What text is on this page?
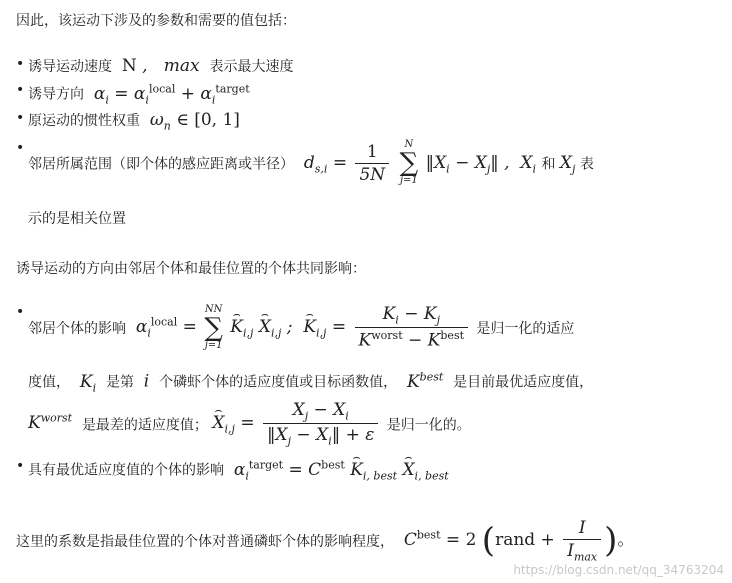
因此，该运动下涉及的参数和需要的值包括：
• 诱导运动速度 N ,   max  表示最大速度
• 诱导方向  $\alpha_i = \alpha_i^{local} + \alpha_i^{target}$
• 原运动的惯性权重  $\omega_n$ ∈ [0, 1]
• 邻居所属范围（即个体的感应距离或半径）  $d_{s,i} = \frac{1}{5N}$
	N
∑
j=1
$‖X_i$ − $X_j‖$ ,  $X_i$ 和 $X_j$ 表
示的是相关位置
诱导运动的方向由邻居个体和最佳位置的个体共同影响：
• 邻居个体的影响  $\alpha_i^{local}$ =
NN
∑
j=1
⌢ $K_{i,j}$ ⌢ $X_{i,j}$ ;  ⌢ $K_{i,j} = \frac{K_i - K_j}{K^{worst} - K^{best}}$ 是归一化的适应
度值，  $K_i$ 是第  i  个磷虾个体的适应度值或目标函数值，  $K^{best}$ 是目前最优适应度值，
$K^{worst}$ 是最差的适应度值； ⌢ $X_{i,j} = \frac{X_j - X_i}{‖X_j - X_i‖ + \varepsilon}$ 是归一化的。
• 具有最优适应度值的个体的影响  $\alpha_i^{target} = C^{best}$ ⌢ $K_{i, best}$ ⌢ $X_{i, best}$
这里的系数是指最佳位置的个体对普通磷虾个体的影响程度，  $C^{best} = 2$ (rand + $\frac{I}{I_{max}}$ )。
https://blog.csdn.net/qq_34763204
